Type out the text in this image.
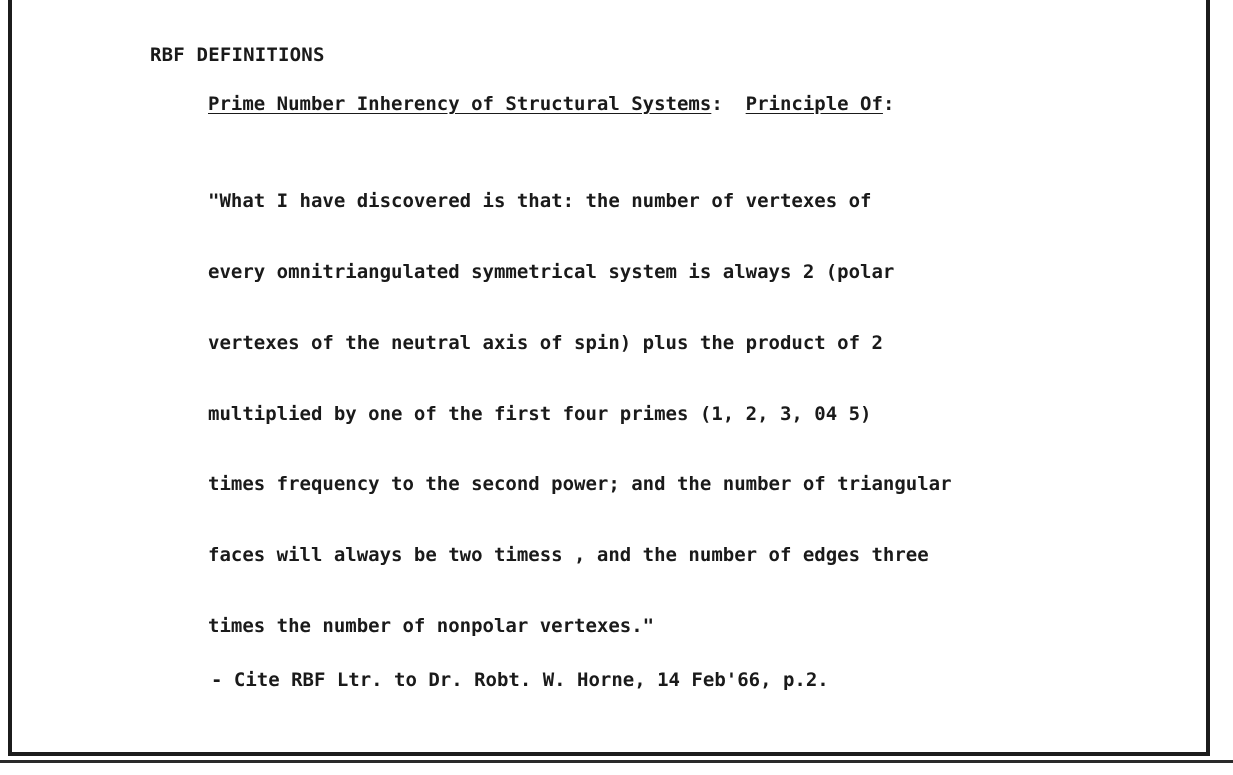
RBF DEFINITIONS

Prime Number Inherency of Structural Systems:  Principle Of:

"What I have discovered is that: the number of vertexes of

every omnitriangulated symmetrical system is always 2 (polar

vertexes of the neutral axis of spin) plus the product of 2

multiplied by one of the first four primes (1, 2, 3, 04 5)

times frequency to the second power; and the number of triangular

faces will always be two timess , and the number of edges three

times the number of nonpolar vertexes."

- Cite RBF Ltr. to Dr. Robt. W. Horne, 14 Feb'66, p.2.
